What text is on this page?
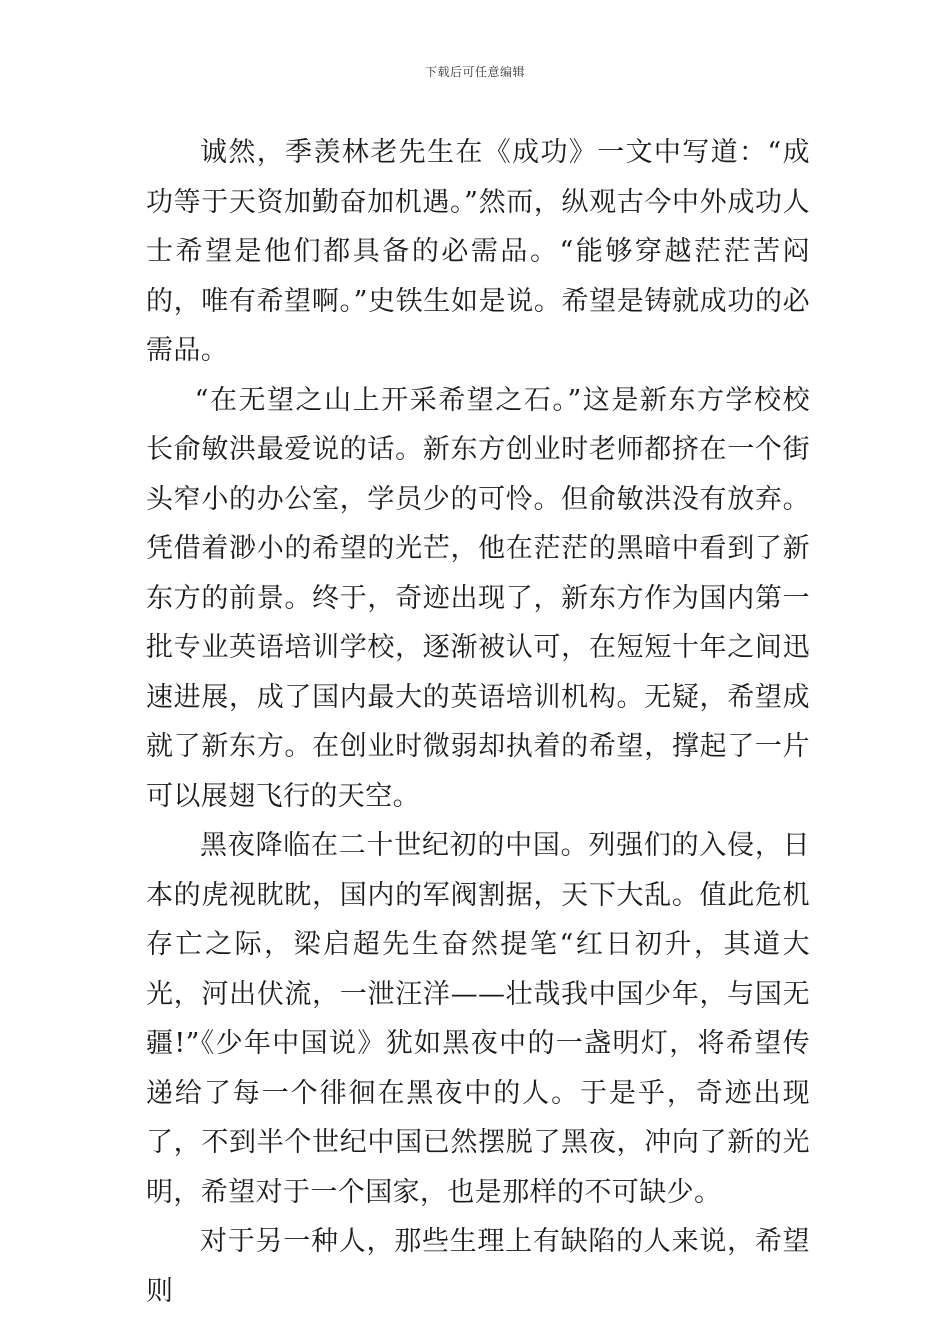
下载后可任意编辑

诚然，季羡林老先生在《成功》一文中写道：“成功等于天资加勤奋加机遇。”然而，纵观古今中外成功人士希望是他们都具备的必需品。“能够穿越茫茫苦闷的，唯有希望啊。”史铁生如是说。希望是铸就成功的必需品。

“在无望之山上开采希望之石。”这是新东方学校校长俞敏洪最爱说的话。新东方创业时老师都挤在一个街头窄小的办公室，学员少的可怜。但俞敏洪没有放弃。凭借着渺小的希望的光芒，他在茫茫的黑暗中看到了新东方的前景。终于，奇迹出现了，新东方作为国内第一批专业英语培训学校，逐渐被认可，在短短十年之间迅速进展，成了国内最大的英语培训机构。无疑，希望成就了新东方。在创业时微弱却执着的希望，撑起了一片可以展翅飞行的天空。

黑夜降临在二十世纪初的中国。列强们的入侵，日本的虎视眈眈，国内的军阀割据，天下大乱。值此危机存亡之际，梁启超先生奋然提笔“红日初升，其道大光，河出伏流，一泄汪洋——壮哉我中国少年，与国无疆!”《少年中国说》犹如黑夜中的一盏明灯，将希望传递给了每一个徘徊在黑夜中的人。于是乎，奇迹出现了，不到半个世纪中国已然摆脱了黑夜，冲向了新的光明，希望对于一个国家，也是那样的不可缺少。

对于另一种人，那些生理上有缺陷的人来说，希望则
